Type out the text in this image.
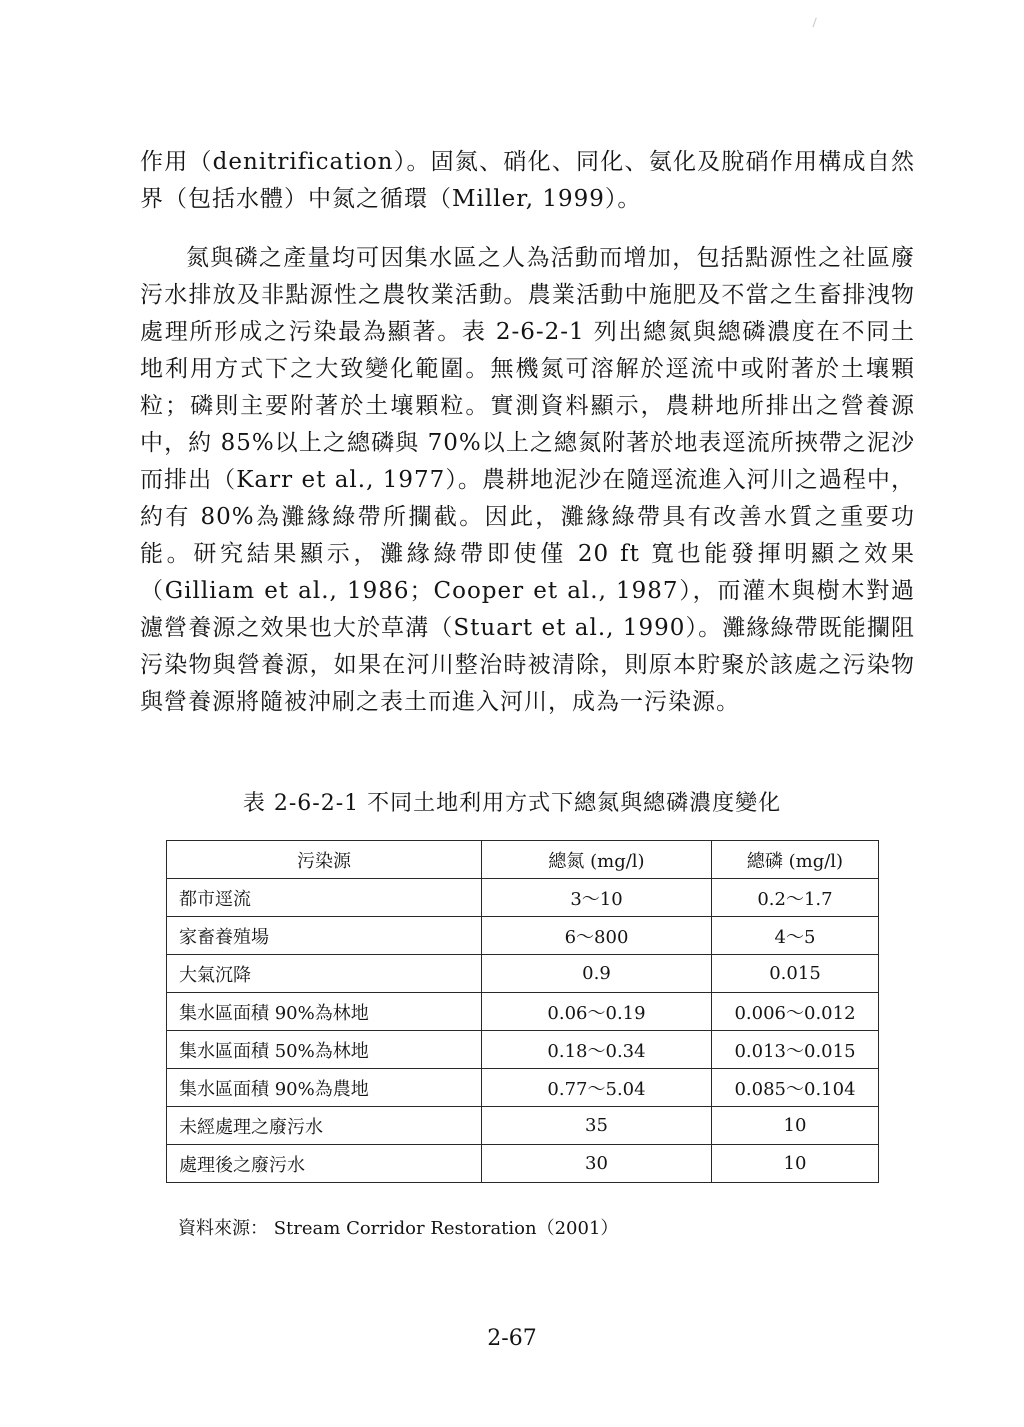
作用（denitrification）。固氮、硝化、同化、氨化及脫硝作用構成自然界（包括水體）中氮之循環（Miller, 1999）。

氮與磷之產量均可因集水區之人為活動而增加，包括點源性之社區廢污水排放及非點源性之農牧業活動。農業活動中施肥及不當之生畜排洩物處理所形成之污染最為顯著。表 2-6-2-1 列出總氮與總磷濃度在不同土地利用方式下之大致變化範圍。無機氮可溶解於逕流中或附著於土壤顆粒；磷則主要附著於土壤顆粒。實測資料顯示，農耕地所排出之營養源中，約 85%以上之總磷與 70%以上之總氮附著於地表逕流所挾帶之泥沙而排出（Karr et al., 1977）。農耕地泥沙在隨逕流進入河川之過程中，約有 80%為灘緣綠帶所攔截。因此，灘緣綠帶具有改善水質之重要功能。研究結果顯示，灘緣綠帶即使僅 20 ft 寬也能發揮明顯之效果（Gilliam et al., 1986；Cooper et al., 1987），而灌木與樹木對過濾營養源之效果也大於草溝（Stuart et al., 1990）。灘緣綠帶既能攔阻污染物與營養源，如果在河川整治時被清除，則原本貯聚於該處之污染物與營養源將隨被沖刷之表土而進入河川，成為一污染源。

表 2-6-2-1 不同土地利用方式下總氮與總磷濃度變化
污染源	總氮 (mg/l)	總磷 (mg/l)
都市逕流	3～10	0.2～1.7
家畜養殖場	6～800	4～5
大氣沉降	0.9	0.015
集水區面積 90%為林地	0.06～0.19	0.006～0.012
集水區面積 50%為林地	0.18～0.34	0.013～0.015
集水區面積 90%為農地	0.77～5.04	0.085～0.104
未經處理之廢污水	35	10
處理後之廢污水	30	10
資料來源： Stream Corridor Restoration（2001）
2-67
